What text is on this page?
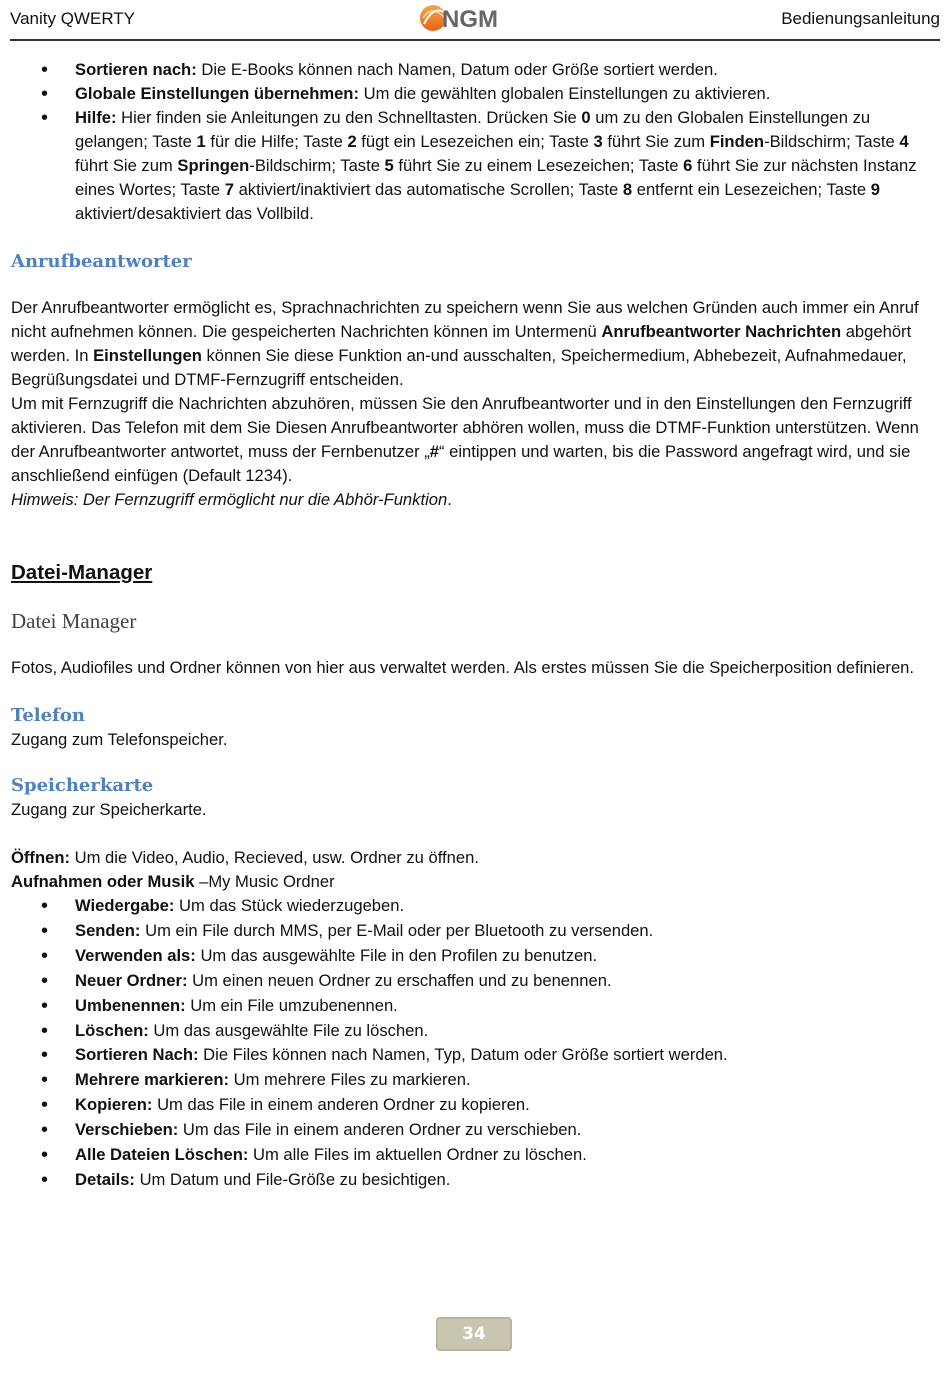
Vanity QWERTY	NGM	Bedienungsanleitung
• Sortieren nach: Die E-Books können nach Namen, Datum oder Größe sortiert werden.
• Globale Einstellungen übernehmen: Um die gewählten globalen Einstellungen zu aktivieren.
• Hilfe: Hier finden sie Anleitungen zu den Schnelltasten. Drücken Sie 0 um zu den Globalen Einstellungen zu gelangen; Taste 1 für die Hilfe; Taste 2 fügt ein Lesezeichen ein; Taste 3 führt Sie zum Finden-Bildschirm; Taste 4 führt Sie zum Springen-Bildschirm; Taste 5 führt Sie zu einem Lesezeichen; Taste 6 führt Sie zur nächsten Instanz eines Wortes; Taste 7 aktiviert/inaktiviert das automatische Scrollen; Taste 8 entfernt ein Lesezeichen; Taste 9 aktiviert/desaktiviert das Vollbild.
Anrufbeantworter

Der Anrufbeantworter ermöglicht es, Sprachnachrichten zu speichern wenn Sie aus welchen Gründen auch immer ein Anruf nicht aufnehmen können. Die gespeicherten Nachrichten können im Untermenü Anrufbeantworter Nachrichten abgehört werden. In Einstellungen können Sie diese Funktion an-und ausschalten, Speichermedium, Abhebezeit, Aufnahmedauer, Begrüßungsdatei und DTMF-Fernzugriff entscheiden.

Um mit Fernzugriff die Nachrichten abzuhören, müssen Sie den Anrufbeantworter und in den Einstellungen den Fernzugriff aktivieren. Das Telefon mit dem Sie Diesen Anrufbeantworter abhören wollen, muss die DTMF-Funktion unterstützen. Wenn der Anrufbeantworter antwortet, muss der Fernbenutzer „#“ eintippen und warten, bis die Password angefragt wird, und sie anschließend einfügen (Default 1234).

Himweis: Der Fernzugriff ermöglicht nur die Abhör-Funktion.

Datei-Manager
Datei Manager

Fotos, Audiofiles und Ordner können von hier aus verwaltet werden. Als erstes müssen Sie die Speicherposition definieren.

Telefon

Zugang zum Telefonspeicher.

Speicherkarte

Zugang zur Speicherkarte.

Öffnen: Um die Video, Audio, Recieved, usw. Ordner zu öffnen.

Aufnahmen oder Musik –My Music Ordner

• Wiedergabe: Um das Stück wiederzugeben.
• Senden: Um ein File durch MMS, per E-Mail oder per Bluetooth zu versenden.
• Verwenden als: Um das ausgewählte File in den Profilen zu benutzen.
• Neuer Ordner: Um einen neuen Ordner zu erschaffen und zu benennen.
• Umbenennen: Um ein File umzubenennen.
• Löschen: Um das ausgewählte File zu löschen.
• Sortieren Nach: Die Files können nach Namen, Typ, Datum oder Größe sortiert werden.
• Mehrere markieren: Um mehrere Files zu markieren.
• Kopieren: Um das File in einem anderen Ordner zu kopieren.
• Verschieben: Um das File in einem anderen Ordner zu verschieben.
• Alle Dateien Löschen: Um alle Files im aktuellen Ordner zu löschen.
• Details: Um Datum und File-Größe zu besichtigen.
34
